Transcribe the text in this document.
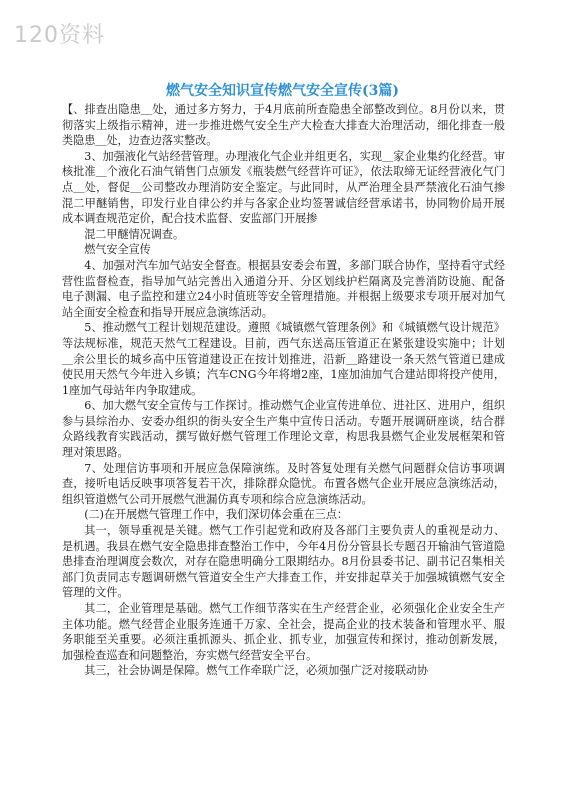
120资料
燃气安全知识宣传燃气安全宣传(3篇)

【、排查出隐患＿处，通过多方努力，于4月底前所查隐患全部整改到位。8月份以来，贯彻落实上级指示精神，进一步推进燃气安全生产大检查大排查大治理活动，细化排查一般类隐患＿处，边查边落实整改。

3、加强液化气站经营管理。办理液化气企业并组更名，实现＿家企业集约化经营。审核批准＿个液化石油气销售门点颁发《瓶装燃气经营许可证》，依法取缔无证经营液化气门点＿处，督促＿公司整改办理消防安全鉴定。与此同时，从严治理全县严禁液化石油气掺混二甲醚销售，印发行业自律公约并与各家企业均签署诚信经营承诺书，协同物价局开展成本调查规范定价，配合技术监督、安监部门开展掺

混二甲醚情况调查。

燃气安全宣传

4、加强对汽车加气站安全督查。根据县安委会布置，多部门联合协作，坚持看守式经营性监督检查，指导加气站完善出入通道分开、分区划线护栏隔离及完善消防设施、配备电子测漏、电子监控和建立24小时值班等安全管理措施。并根据上级要求专项开展对加气站全面安全检查和指导开展应急演练活动。

5、推动燃气工程计划规范建设。遵照《城镇燃气管理条例》和《城镇燃气设计规范》等法规标准，规范天然气工程建设。目前，西气东送高压管道正在紧张建设实施中；计划＿余公里长的城乡高中压管道建设正在按计划推进，沿新＿路建设一条天然气管道已建成使民用天然气今年进入乡镇；汽车CNG今年将增2座，1座加油加气合建站即将投产使用，1座加气母站年内争取建成。

6、加大燃气安全宣传与工作探讨。推动燃气企业宣传进单位、进社区、进用户，组织参与县综治办、安委办组织的街头安全生产集中宣传日活动。专题开展调研座谈，结合群众路线教育实践活动，撰写做好燃气管理工作理论文章，构思我县燃气企业发展框架和管理对策思路。

7、处理信访事项和开展应急保障演练。及时答复处理有关燃气问题群众信访事项调查，接听电话反映事项答复若干次，排除群众隐忧。布置各燃气企业开展应急演练活动，组织管道燃气公司开展燃气泄漏仿真专项和综合应急演练活动。

(二)在开展燃气管理工作中，我们深切体会重在三点：

其一，领导重视是关键。燃气工作引起党和政府及各部门主要负责人的重视是动力、是机遇。我县在燃气安全隐患排查整治工作中，今年4月份分管县长专题召开输油气管道隐患排查治理调度会数次，对存在隐患明确分工限期结办。8月份县委书记、副书记召集相关部门负责同志专题调研燃气管道安全生产大排查工作，并安排起草关于加强城镇燃气安全管理的文件。

其二，企业管理是基础。燃气工作细节落实在生产经营企业，必须强化企业安全生产主体功能。燃气经营企业服务连通千万家、全社会，提高企业的技术装备和管理水平、服务职能至关重要。必须注重抓源头、抓企业、抓专业，加强宣传和探讨，推动创新发展，加强检查巡查和问题整治，夯实燃气经营安全平台。

其三，社会协调是保障。燃气工作牵联广泛，必须加强广泛对接联动协
